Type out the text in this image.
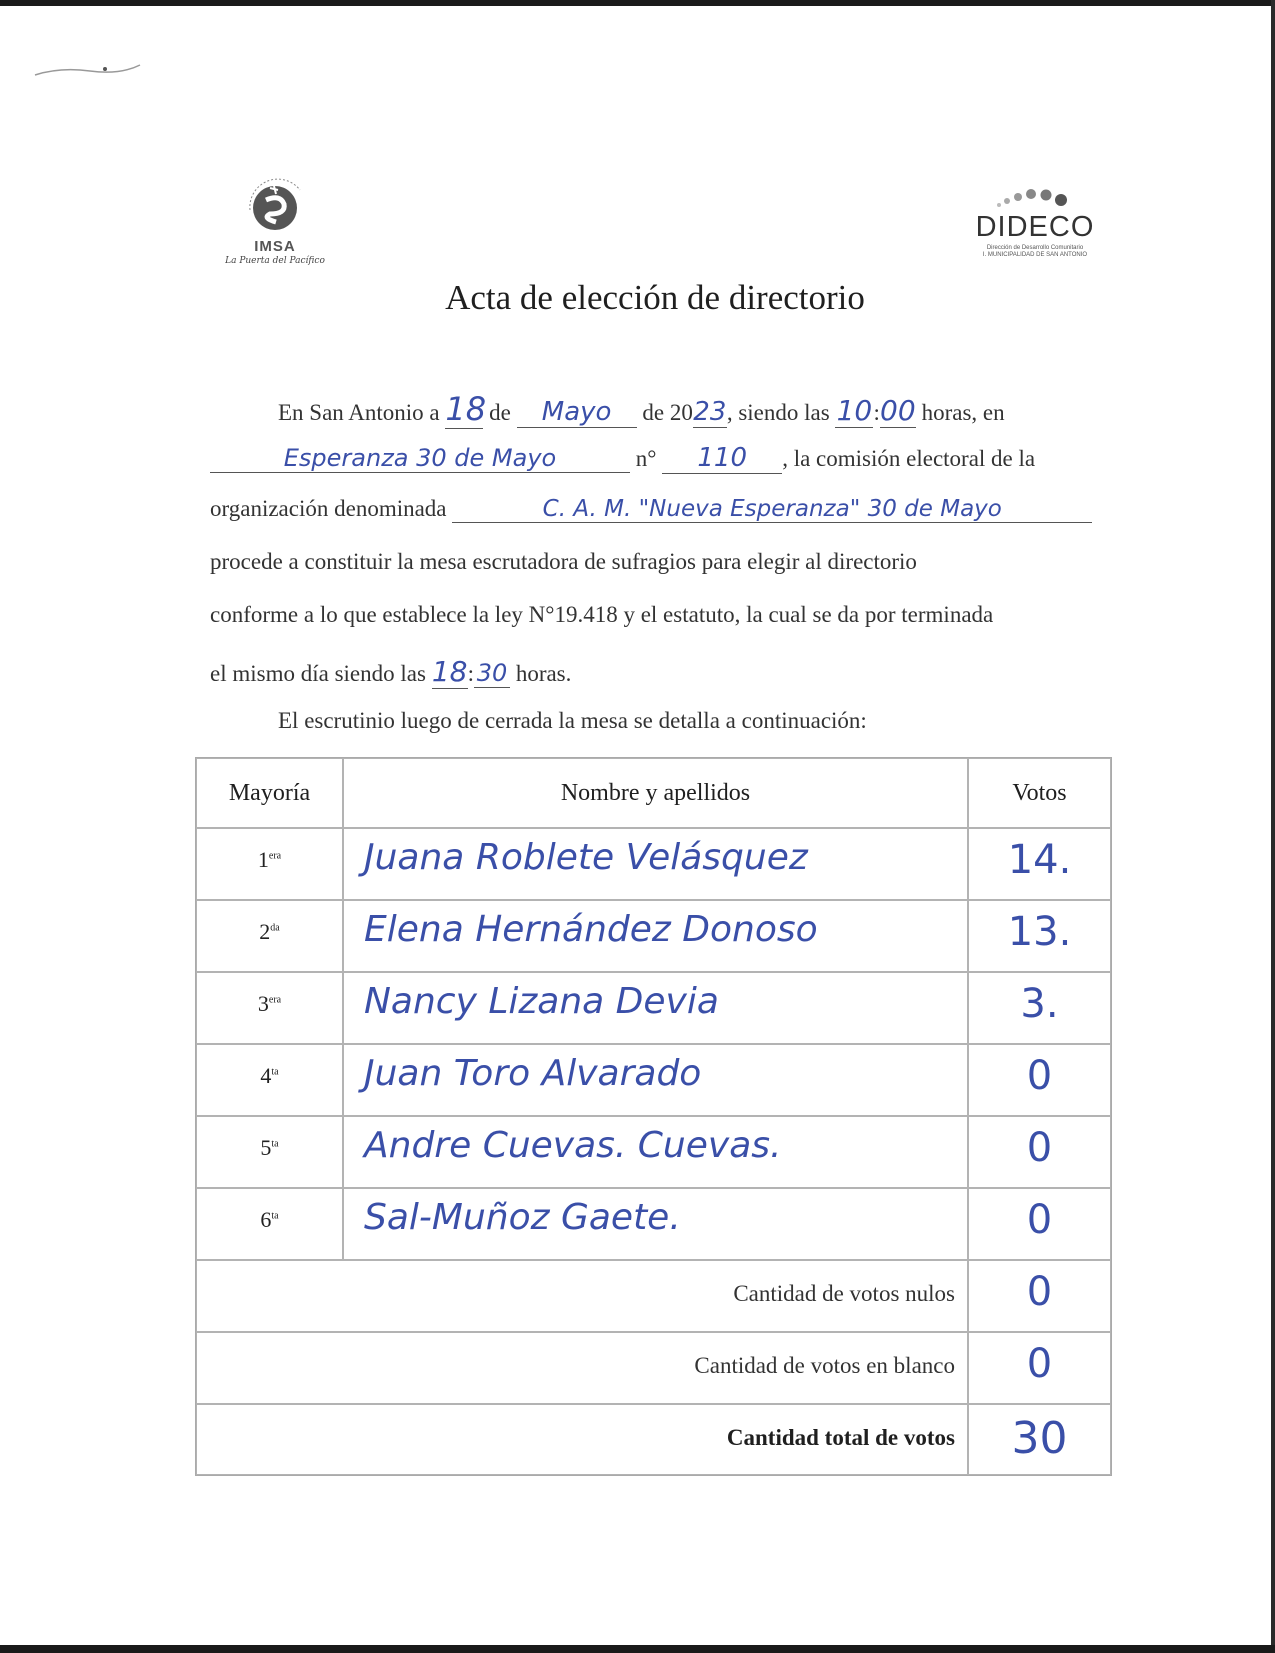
IMSA
La Puerta del Pacífico
DIDECO
Dirección de Desarrollo Comunitario
I. MUNICIPALIDAD DE SAN ANTONIO
Acta de elección de directorio
En San Antonio a 18 de Mayo de 2023, siendo las 10:00 horas, en
Esperanza 30 de Mayo	n° 110 , la comisión electoral de la
organización denominada	C. A. M. "Nueva Esperanza" 30 de Mayo
procede a constituir la mesa escrutadora de sufragios para elegir al directorio
conforme a lo que establece la ley N°19.418 y el estatuto, la cual se da por terminada
el mismo día siendo las 18: 30 horas.
El escrutinio luego de cerrada la mesa se detalla a continuación:
Mayoría	Nombre y apellidos	Votos
$1^{era}$	Juana Roblete Velásquez	14.
$2^{da}$	Elena Hernández Donoso	13.
$3^{era}$	Nancy Lizana Devia	3.
$4^{ta}$	Juan Toro Alvarado	0
$5^{ta}$	Andre Cuevas. Cuevas.	0
$6^{ta}$	Sal-Muñoz Gaete.	0
Cantidad de votos nulos	0
Cantidad de votos en blanco	0
Cantidad total de votos	30
